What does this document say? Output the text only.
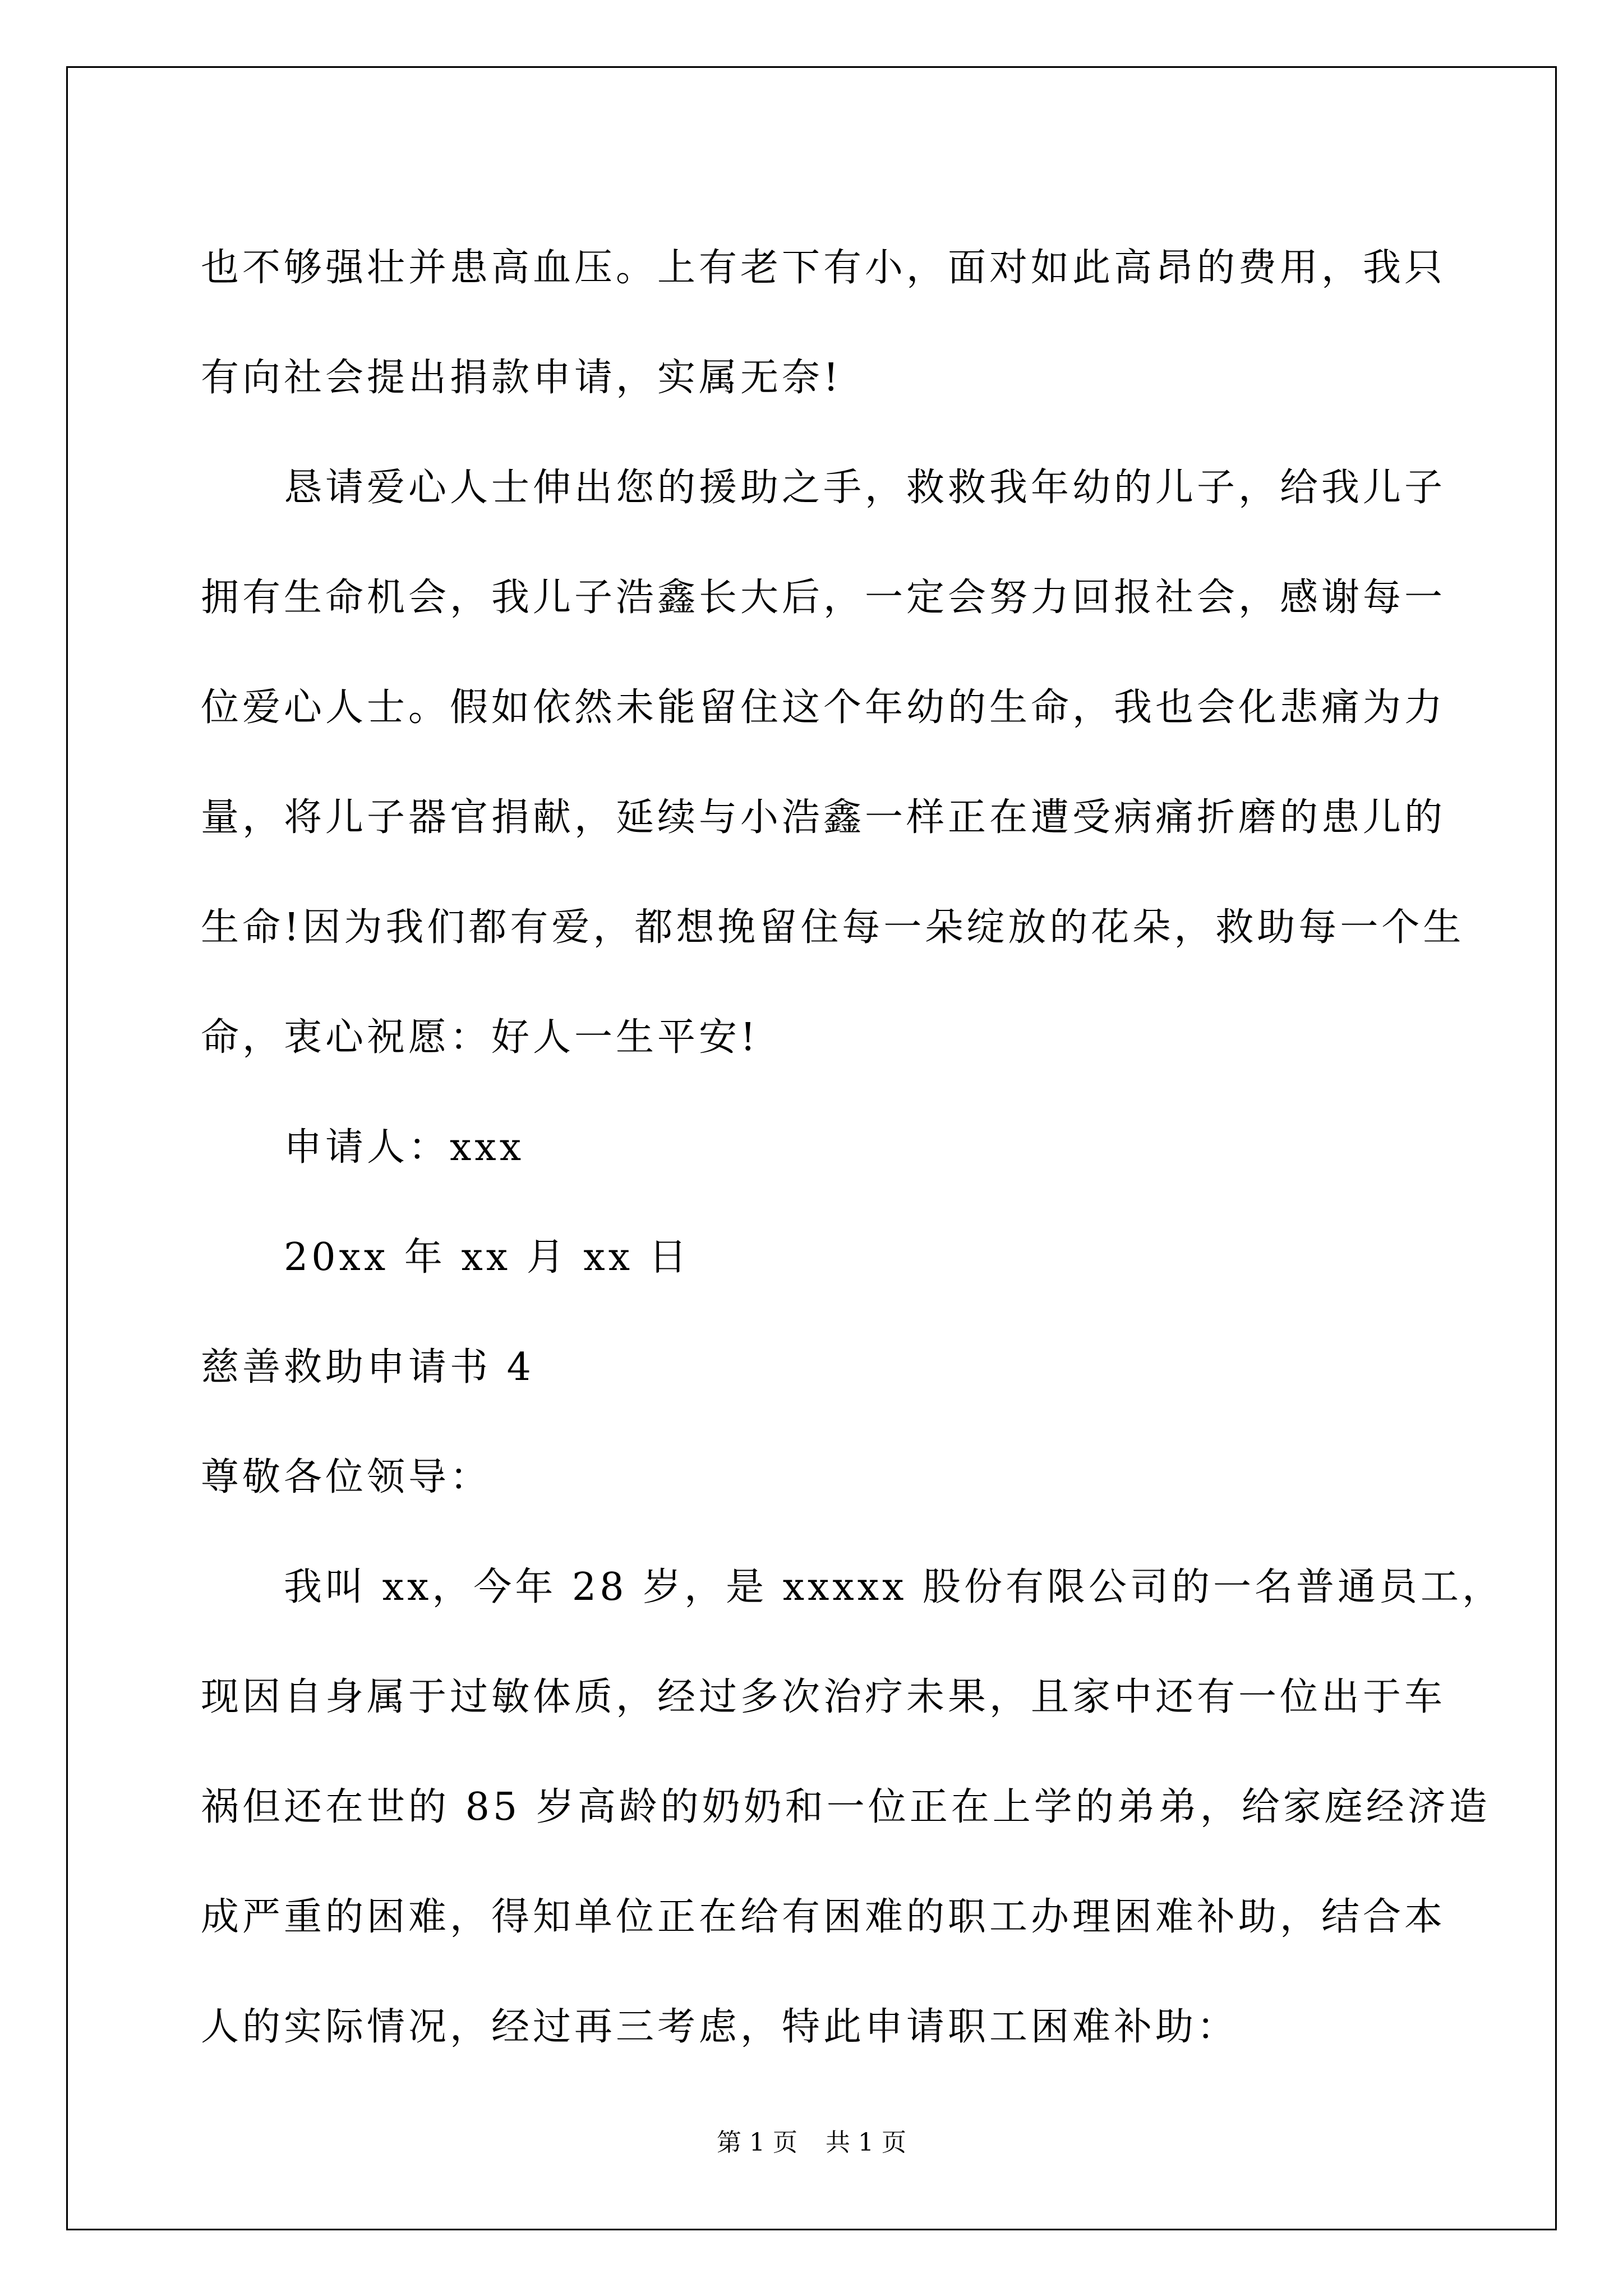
也不够强壮并患高血压。上有老下有小，面对如此高昂的费用，我只
有向社会提出捐款申请，实属无奈!
恳请爱心人士伸出您的援助之手，救救我年幼的儿子，给我儿子
拥有生命机会，我儿子浩鑫长大后，一定会努力回报社会，感谢每一
位爱心人士。假如依然未能留住这个年幼的生命，我也会化悲痛为力
量，将儿子器官捐献，延续与小浩鑫一样正在遭受病痛折磨的患儿的
生命!因为我们都有爱，都想挽留住每一朵绽放的花朵，救助每一个生
命，衷心祝愿：好人一生平安!
申请人：xxx
20xx 年 xx 月 xx 日
慈善救助申请书 4
尊敬各位领导：
我叫 xx，今年 28 岁，是 xxxxx 股份有限公司的一名普通员工，
现因自身属于过敏体质，经过多次治疗未果，且家中还有一位出于车
祸但还在世的 85 岁高龄的奶奶和一位正在上学的弟弟，给家庭经济造
成严重的困难，得知单位正在给有困难的职工办理困难补助，结合本
人的实际情况，经过再三考虑，特此申请职工困难补助：
第 1 页 共 1 页
